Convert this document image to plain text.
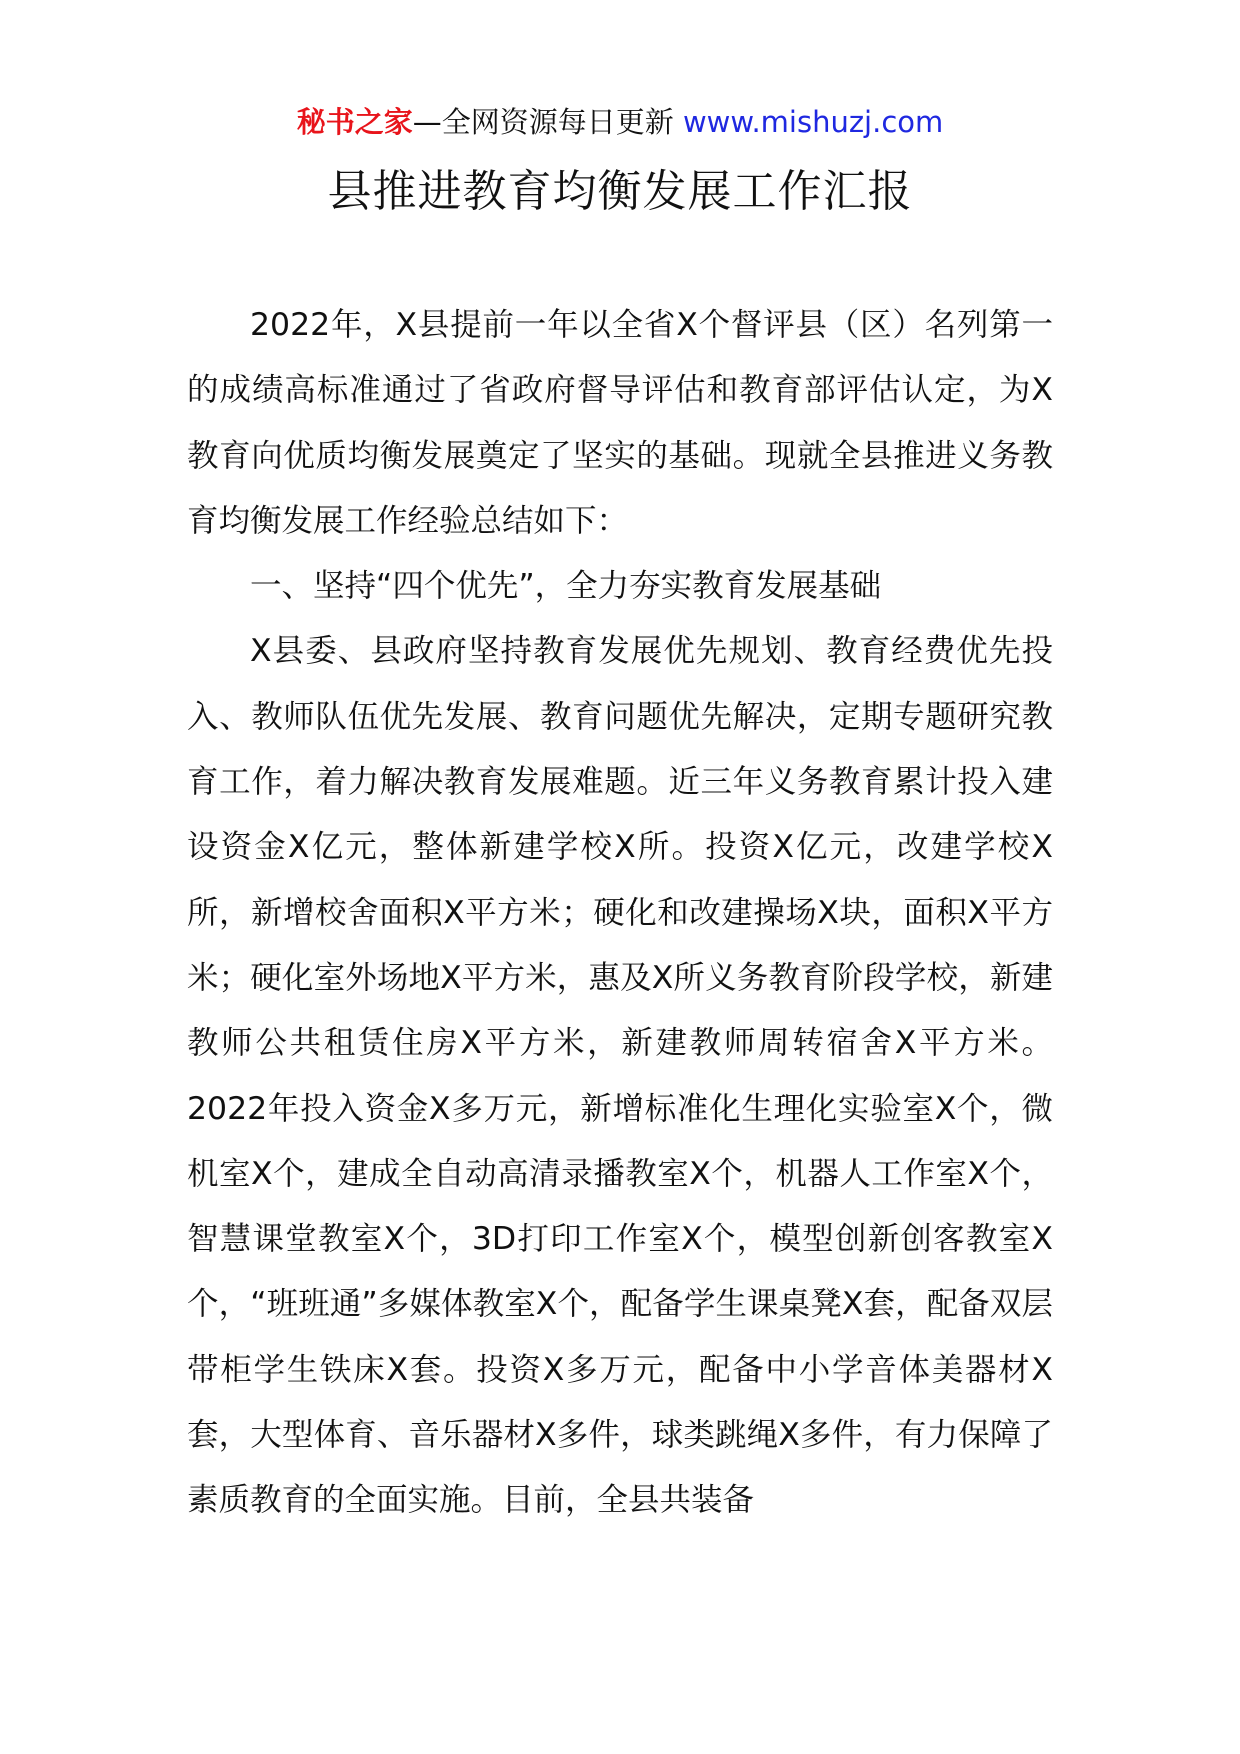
秘书之家—全网资源每日更新 www.mishuzj.com
县推进教育均衡发展工作汇报

2022年，X县提前一年以全省X个督评县（区）名列第一的成绩高标准通过了省政府督导评估和教育部评估认定，为X教育向优质均衡发展奠定了坚实的基础。现就全县推进义务教育均衡发展工作经验总结如下：

一、坚持“四个优先”，全力夯实教育发展基础

X县委、县政府坚持教育发展优先规划、教育经费优先投入、教师队伍优先发展、教育问题优先解决，定期专题研究教育工作，着力解决教育发展难题。近三年义务教育累计投入建设资金X亿元，整体新建学校X所。投资X亿元，改建学校X所，新增校舍面积X平方米；硬化和改建操场X块，面积X平方米；硬化室外场地X平方米，惠及X所义务教育阶段学校，新建教师公共租赁住房X平方米，新建教师周转宿舍X平方米。2022年投入资金X多万元，新增标准化生理化实验室X个，微机室X个，建成全自动高清录播教室X个，机器人工作室X个，智慧课堂教室X个，3D打印工作室X个，模型创新创客教室X个，“班班通”多媒体教室X个，配备学生课桌凳X套，配备双层带柜学生铁床X套。投资X多万元，配备中小学音体美器材X套，大型体育、音乐器材X多件，球类跳绳X多件，有力保障了素质教育的全面实施。目前，全县共装备
